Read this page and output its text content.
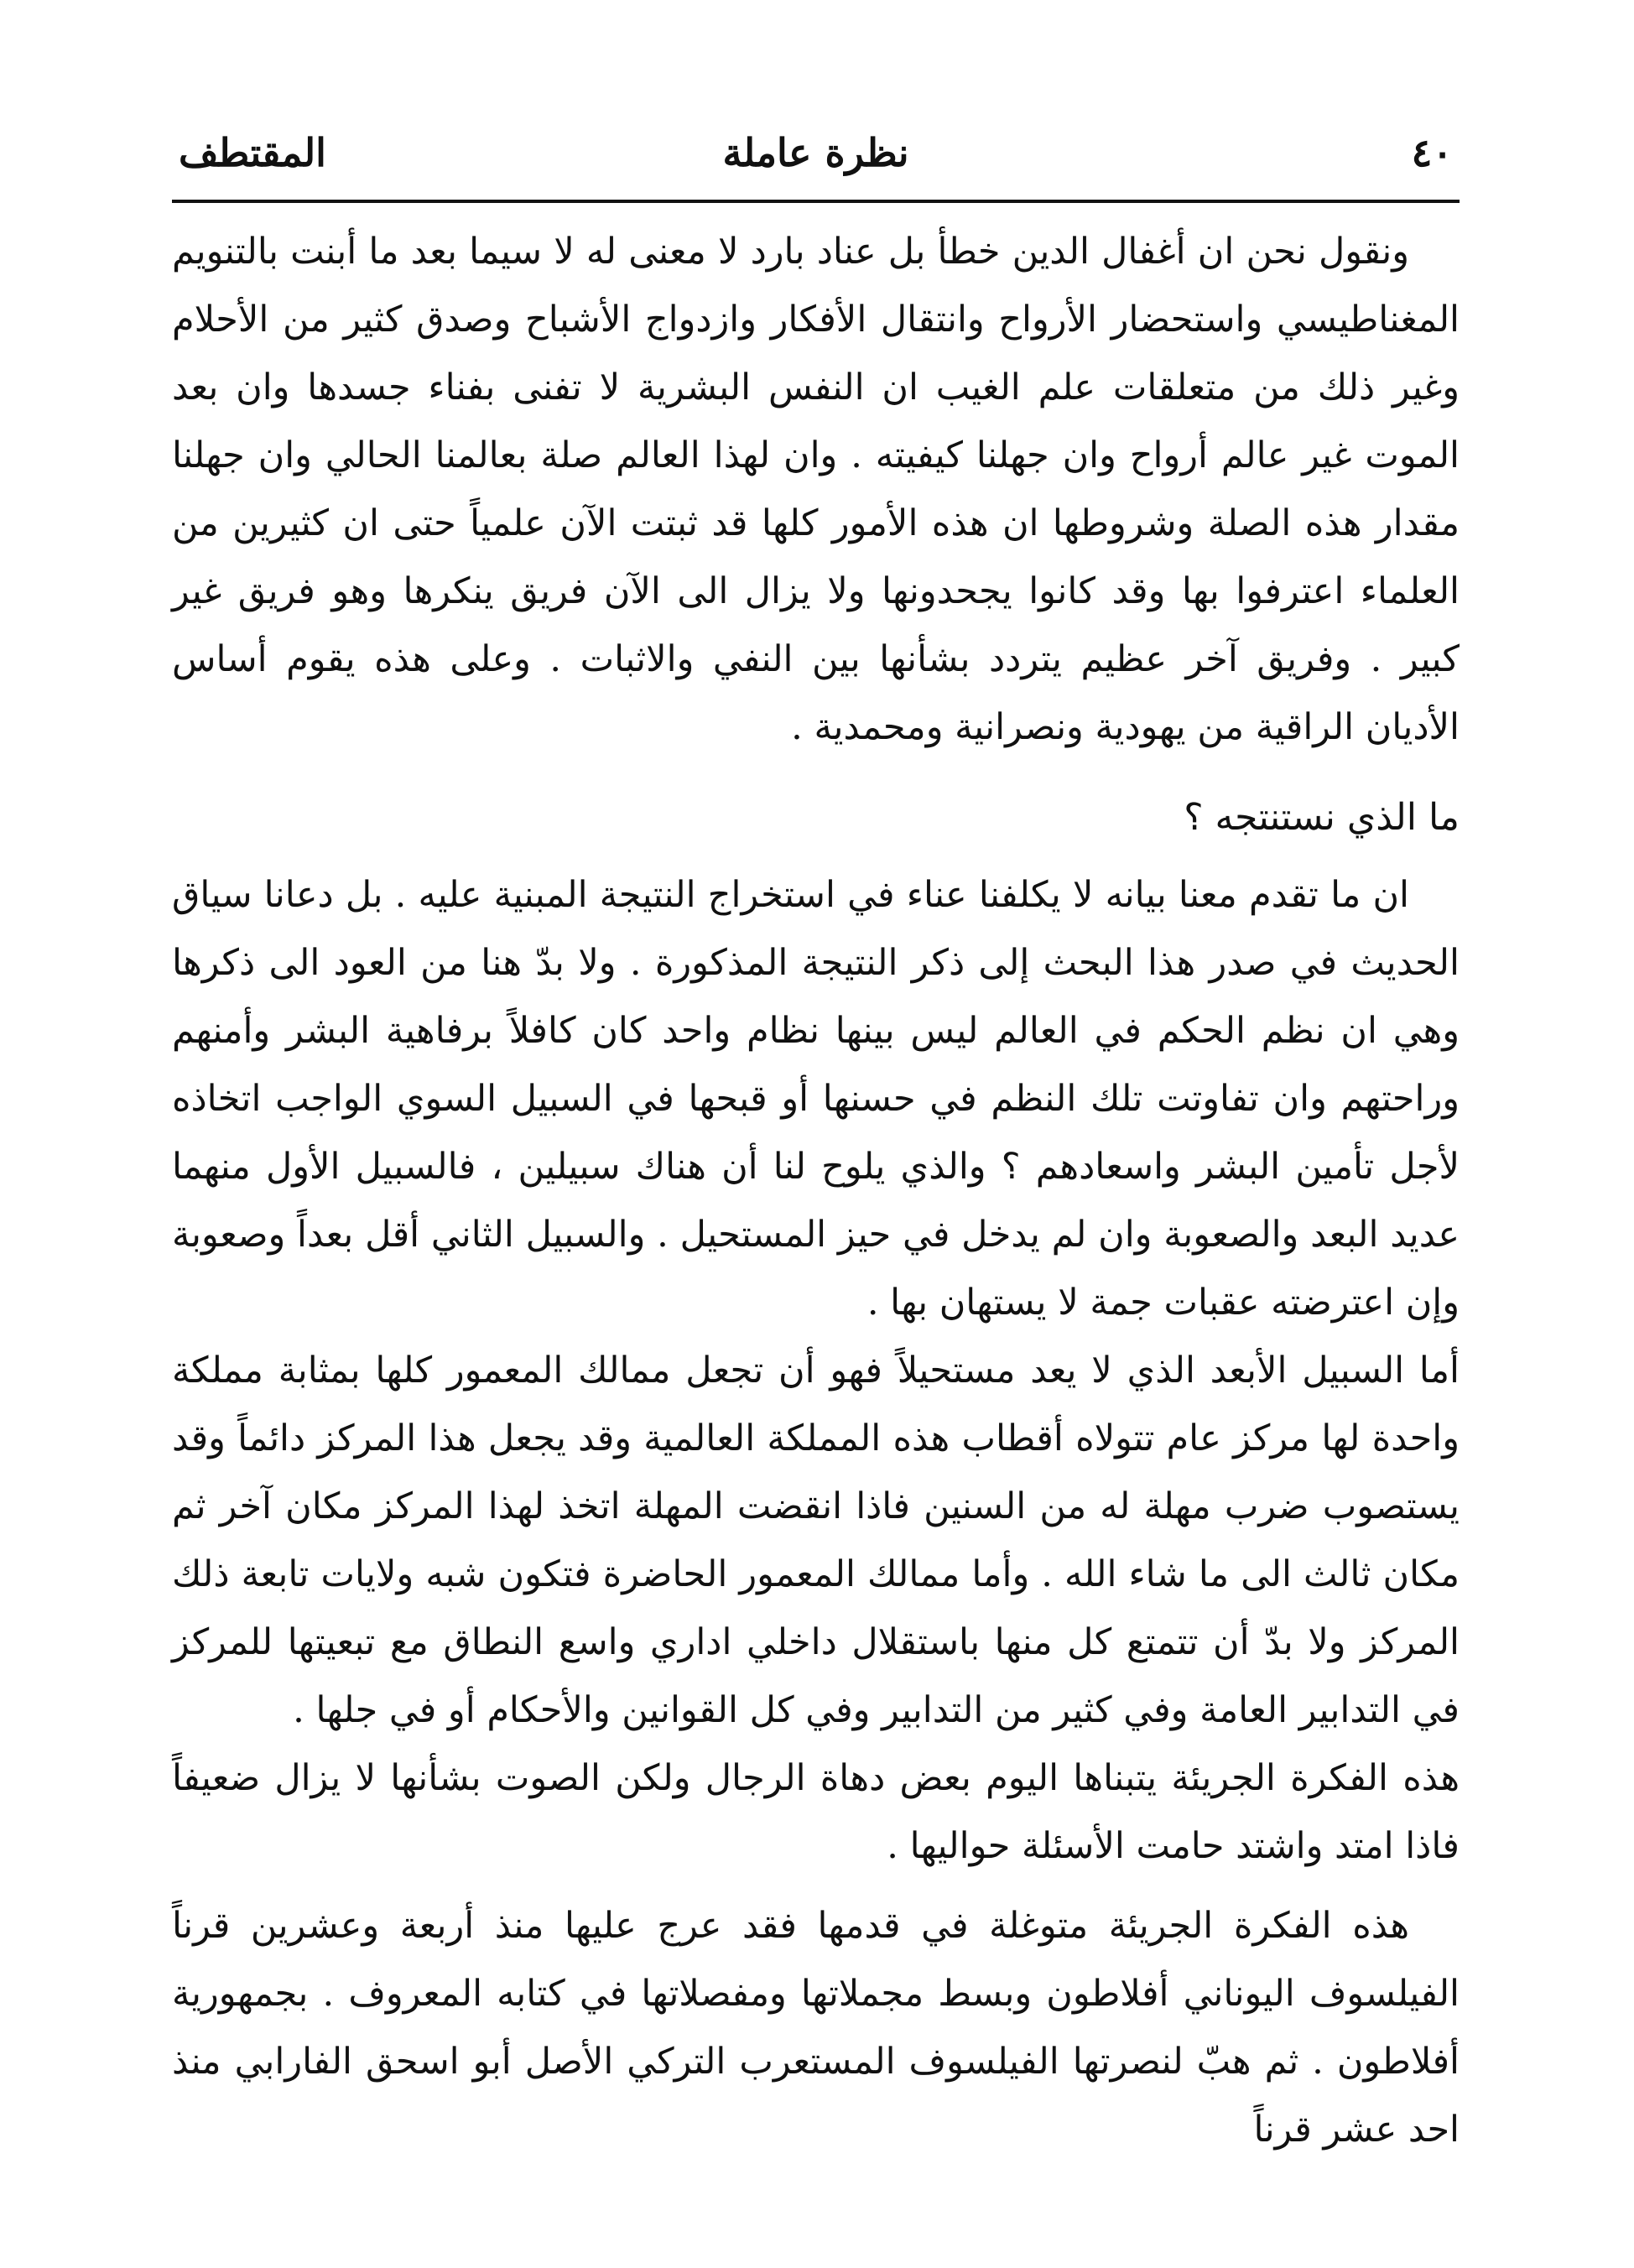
٤٠
نظرة عاملة
المقتطف

ونقول نحن ان أغفال الدين خطأ بل عناد بارد لا معنى له لا سيما بعد ما أبنت بالتنويم المغناطيسي واستحضار الأرواح وانتقال الأفكار وازدواج الأشباح وصدق كثير من الأحلام وغير ذلك من متعلقات علم الغيب ان النفس البشرية لا تفنى بفناء جسدها وان بعد الموت غير عالم أرواح وان جهلنا كيفيته . وان لهذا العالم صلة بعالمنا الحالي وان جهلنا مقدار هذه الصلة وشروطها ان هذه الأمور كلها قد ثبتت الآن علمياً حتى ان كثيرين من العلماء اعترفوا بها وقد كانوا يجحدونها ولا يزال الى الآن فريق ينكرها وهو فريق غير كبير . وفريق آخر عظيم يتردد بشأنها بين النفي والاثبات . وعلى هذه يقوم أساس الأديان الراقية من يهودية ونصرانية ومحمدية .

ما الذي نستنتجه ؟

ان ما تقدم معنا بيانه لا يكلفنا عناء في استخراج النتيجة المبنية عليه . بل دعانا سياق الحديث في صدر هذا البحث إلى ذكر النتيجة المذكورة . ولا بدّ هنا من العود الى ذكرها وهي ان نظم الحكم في العالم ليس بينها نظام واحد كان كافلاً برفاهية البشر وأمنهم وراحتهم وان تفاوتت تلك النظم في حسنها أو قبحها في السبيل السوي الواجب اتخاذه لأجل تأمين البشر واسعادهم ؟ والذي يلوح لنا أن هناك سبيلين ، فالسبيل الأول منهما عديد البعد والصعوبة وان لم يدخل في حيز المستحيل . والسبيل الثاني أقل بعداً وصعوبة وإن اعترضته عقبات جمة لا يستهان بها .

أما السبيل الأبعد الذي لا يعد مستحيلاً فهو أن تجعل ممالك المعمور كلها بمثابة مملكة واحدة لها مركز عام تتولاه أقطاب هذه المملكة العالمية وقد يجعل هذا المركز دائماً وقد يستصوب ضرب مهلة له من السنين فاذا انقضت المهلة اتخذ لهذا المركز مكان آخر ثم مكان ثالث الى ما شاء الله . وأما ممالك المعمور الحاضرة فتكون شبه ولايات تابعة ذلك المركز ولا بدّ أن تتمتع كل منها باستقلال داخلي اداري واسع النطاق مع تبعيتها للمركز في التدابير العامة وفي كثير من التدابير وفي كل القوانين والأحكام أو في جلها .

هذه الفكرة الجريئة يتبناها اليوم بعض دهاة الرجال ولكن الصوت بشأنها لا يزال ضعيفاً فاذا امتد واشتد حامت الأسئلة حواليها .

هذه الفكرة الجريئة متوغلة في قدمها فقد عرج عليها منذ أربعة وعشرين قرناً الفيلسوف اليوناني أفلاطون وبسط مجملاتها ومفصلاتها في كتابه المعروف . بجمهورية أفلاطون . ثم هبّ لنصرتها الفيلسوف المستعرب التركي الأصل أبو اسحق الفارابي منذ احد عشر قرناً
